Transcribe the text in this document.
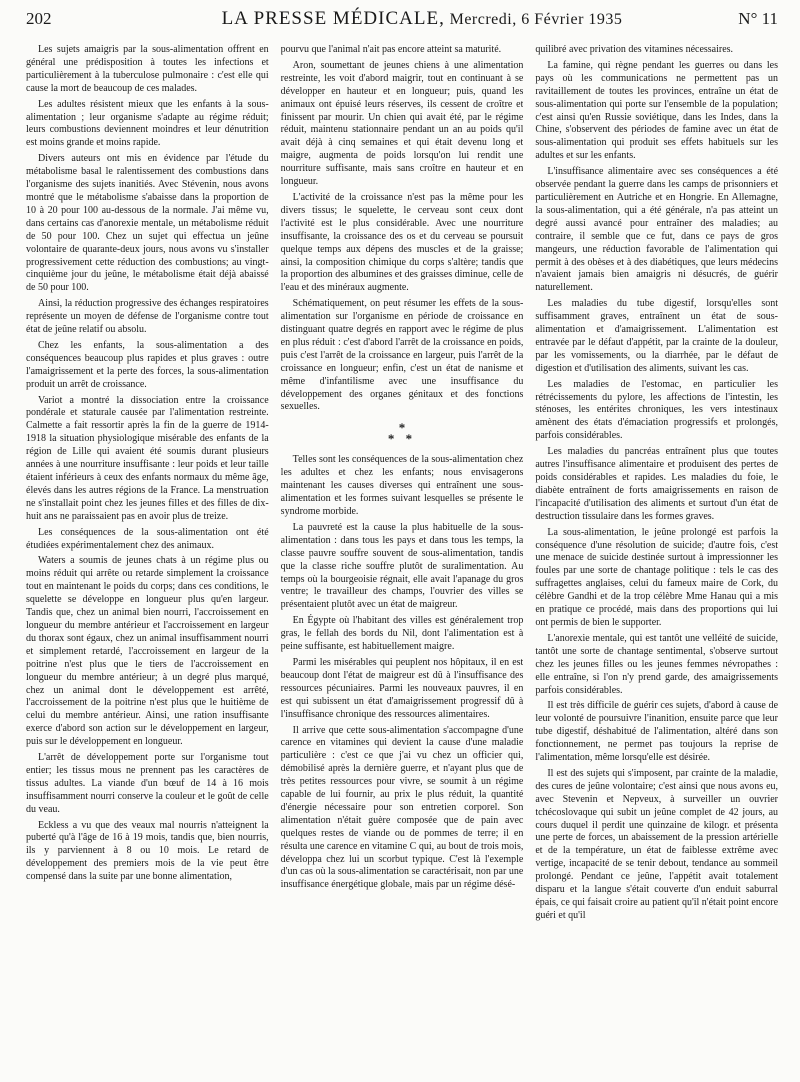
202	LA PRESSE MÉDICALE, Mercredi, 6 Février 1935	N° 11

Les sujets amaigris par la sous-alimentation offrent en général une prédisposition à toutes les infections et particulièrement à la tuberculose pulmonaire : c'est elle qui cause la mort de beaucoup de ces malades.

Les adultes résistent mieux que les enfants à la sous-alimentation ; leur organisme s'adapte au régime réduit; leurs combustions deviennent moindres et leur dénutrition est moins grande et moins rapide.

Divers auteurs ont mis en évidence par l'étude du métabolisme basal le ralentissement des combustions dans l'organisme des sujets inanitiés. Avec Stévenin, nous avons montré que le métabolisme s'abaisse dans la proportion de 10 à 20 pour 100 au-dessous de la normale. J'ai même vu, dans certains cas d'anorexie mentale, un métabolisme réduit de 50 pour 100. Chez un sujet qui effectua un jeûne volontaire de quarante-deux jours, nous avons vu s'installer progressivement cette réduction des combustions; au vingt-cinquième jour du jeûne, le métabolisme était déjà abaissé de 50 pour 100.

Ainsi, la réduction progressive des échanges respiratoires représente un moyen de défense de l'organisme contre tout état de jeûne relatif ou absolu.

Chez les enfants, la sous-alimentation a des conséquences beaucoup plus rapides et plus graves : outre l'amaigrissement et la perte des forces, la sous-alimentation produit un arrêt de croissance.

Variot a montré la dissociation entre la croissance pondérale et staturale causée par l'alimentation restreinte. Calmette a fait ressortir après la fin de la guerre de 1914-1918 la situation physiologique misérable des enfants de la région de Lille qui avaient été soumis durant plusieurs années à une nourriture insuffisante : leur poids et leur taille étaient inférieurs à ceux des enfants normaux du même âge, élevés dans les autres régions de la France. La menstruation ne s'installait point chez les jeunes filles et des filles de dix-huit ans ne paraissaient pas en avoir plus de treize.

Les conséquences de la sous-alimentation ont été étudiées expérimentalement chez des animaux.

Waters a soumis de jeunes chats à un régime plus ou moins réduit qui arrête ou retarde simplement la croissance tout en maintenant le poids du corps; dans ces conditions, le squelette se développe en longueur plus qu'en largeur. Tandis que, chez un animal bien nourri, l'accroissement en longueur du membre antérieur et l'accroissement en largeur du thorax sont égaux, chez un animal insuffisamment nourri et simplement retardé, l'accroissement en largeur de la poitrine n'est plus que le tiers de l'accroissement en longueur du membre antérieur; à un degré plus marqué, chez un animal dont le développement est arrêté, l'accroissement de la poitrine n'est plus que le huitième de celui du membre antérieur. Ainsi, une ration insuffisante exerce d'abord son action sur le développement en largeur, puis sur le développement en longueur.

L'arrêt de développement porte sur l'organisme tout entier; les tissus mous ne prennent pas les caractères de tissus adultes. La viande d'un bœuf de 14 à 16 mois insuffisamment nourri conserve la couleur et le goût de celle du veau.

Eckless a vu que des veaux mal nourris n'atteignent la puberté qu'à l'âge de 16 à 19 mois, tandis que, bien nourris, ils y parviennent à 8 ou 10 mois. Le retard de développement des premiers mois de la vie peut être compensé dans la suite par une bonne alimentation,

pourvu que l'animal n'ait pas encore atteint sa maturité.

Aron, soumettant de jeunes chiens à une alimentation restreinte, les voit d'abord maigrir, tout en continuant à se développer en hauteur et en longueur; puis, quand les animaux ont épuisé leurs réserves, ils cessent de croître et finissent par mourir. Un chien qui avait été, par le régime réduit, maintenu stationnaire pendant un an au poids qu'il avait déjà à cinq semaines et qui était devenu long et maigre, augmenta de poids lorsqu'on lui rendit une nourriture suffisante, mais sans croître en hauteur et en longueur.

L'activité de la croissance n'est pas la même pour les divers tissus; le squelette, le cerveau sont ceux dont l'activité est le plus considérable. Avec une nourriture insuffisante, la croissance des os et du cerveau se poursuit quelque temps aux dépens des muscles et de la graisse; ainsi, la composition chimique du corps s'altère; tandis que la proportion des albumines et des graisses diminue, celle de l'eau et des minéraux augmente.

Schématiquement, on peut résumer les effets de la sous-alimentation sur l'organisme en période de croissance en distinguant quatre degrés en rapport avec le régime de plus en plus réduit : c'est d'abord l'arrêt de la croissance en poids, puis c'est l'arrêt de la croissance en largeur, puis l'arrêt de la croissance en longueur; enfin, c'est un état de nanisme et même d'infantilisme avec une insuffisance du développement des organes génitaux et des fonctions sexuelles.

*
* *

Telles sont les conséquences de la sous-alimentation chez les adultes et chez les enfants; nous envisagerons maintenant les causes diverses qui entraînent une sous-alimentation et les formes suivant lesquelles se présente le syndrome morbide.

La pauvreté est la cause la plus habituelle de la sous-alimentation : dans tous les pays et dans tous les temps, la classe pauvre souffre souvent de sous-alimentation, tandis que la classe riche souffre plutôt de suralimentation. Au temps où la bourgeoisie régnait, elle avait l'apanage du gros ventre; le travailleur des champs, l'ouvrier des villes se présentaient plutôt avec un état de maigreur.

En Égypte où l'habitant des villes est généralement trop gras, le fellah des bords du Nil, dont l'alimentation est à peine suffisante, est habituellement maigre.

Parmi les misérables qui peuplent nos hôpitaux, il en est beaucoup dont l'état de maigreur est dû à l'insuffisance des ressources pécuniaires. Parmi les nouveaux pauvres, il en est qui subissent un état d'amaigrissement progressif dû à l'insuffisance chronique des ressources alimentaires.

Il arrive que cette sous-alimentation s'accompagne d'une carence en vitamines qui devient la cause d'une maladie particulière : c'est ce que j'ai vu chez un officier qui, démobilisé après la dernière guerre, et n'ayant plus que de très petites ressources pour vivre, se soumit à un régime capable de lui fournir, au prix le plus réduit, la quantité d'énergie nécessaire pour son entretien corporel. Son alimentation n'était guère composée que de pain avec quelques restes de viande ou de pommes de terre; il en résulta une carence en vitamine C qui, au bout de trois mois, développa chez lui un scorbut typique. C'est là l'exemple d'un cas où la sous-alimentation se caractérisait, non par une insuffisance énergétique globale, mais par un régime désé-

quilibré avec privation des vitamines nécessaires.

La famine, qui règne pendant les guerres ou dans les pays où les communications ne permettent pas un ravitaillement de toutes les provinces, entraîne un état de sous-alimentation qui porte sur l'ensemble de la population; c'est ainsi qu'en Russie soviétique, dans les Indes, dans la Chine, s'observent des périodes de famine avec un état de sous-alimentation qui produit ses effets habituels sur les adultes et sur les enfants.

L'insuffisance alimentaire avec ses conséquences a été observée pendant la guerre dans les camps de prisonniers et particulièrement en Autriche et en Hongrie. En Allemagne, la sous-alimentation, qui a été générale, n'a pas atteint un degré aussi avancé pour entraîner des maladies; au contraire, il semble que ce fut, dans ce pays de gros mangeurs, une réduction favorable de l'alimentation qui permit à des obèses et à des diabétiques, que leurs médecins n'avaient jamais bien amaigris ni désucrés, de guérir naturellement.

Les maladies du tube digestif, lorsqu'elles sont suffisamment graves, entraînent un état de sous-alimentation et d'amaigrissement. L'alimentation est entravée par le défaut d'appétit, par la crainte de la douleur, par les vomissements, ou la diarrhée, par le défaut de digestion et d'utilisation des aliments, suivant les cas.

Les maladies de l'estomac, en particulier les rétrécissements du pylore, les affections de l'intestin, les sténoses, les entérites chroniques, les vers intestinaux amènent des états d'émaciation progressifs et prolongés, parfois considérables.

Les maladies du pancréas entraînent plus que toutes autres l'insuffisance alimentaire et produisent des pertes de poids considérables et rapides. Les maladies du foie, le diabète entraînent de forts amaigrissements en raison de l'incapacité d'utilisation des aliments et surtout d'un état de destruction tissulaire dans les formes graves.

La sous-alimentation, le jeûne prolongé est parfois la conséquence d'une résolution de suicide; d'autre fois, c'est une menace de suicide destinée surtout à impressionner les foules par une sorte de chantage politique : tels le cas des suffragettes anglaises, celui du fameux maire de Cork, du célèbre Gandhi et de la trop célèbre Mme Hanau qui a mis en pratique ce procédé, mais dans des proportions qui lui ont permis de bien le supporter.

L'anorexie mentale, qui est tantôt une velléité de suicide, tantôt une sorte de chantage sentimental, s'observe surtout chez les jeunes filles ou les jeunes femmes névropathes : elle entraîne, si l'on n'y prend garde, des amaigrissements parfois considérables.

Il est très difficile de guérir ces sujets, d'abord à cause de leur volonté de poursuivre l'inanition, ensuite parce que leur tube digestif, déshabitué de l'alimentation, altéré dans son fonctionnement, ne permet pas toujours la reprise de l'alimentation, même lorsqu'elle est désirée.

Il est des sujets qui s'imposent, par crainte de la maladie, des cures de jeûne volontaire; c'est ainsi que nous avons eu, avec Stevenin et Nepveux, à surveiller un ouvrier tchécoslovaque qui subit un jeûne complet de 42 jours, au cours duquel il perdit une quinzaine de kilogr. et présenta une perte de forces, un abaissement de la pression artérielle et de la température, un état de faiblesse extrême avec vertige, incapacité de se tenir debout, tendance au sommeil prolongé. Pendant ce jeûne, l'appétit avait totalement disparu et la langue s'était couverte d'un enduit saburral épais, ce qui faisait croire au patient qu'il n'était point encore guéri et qu'il
